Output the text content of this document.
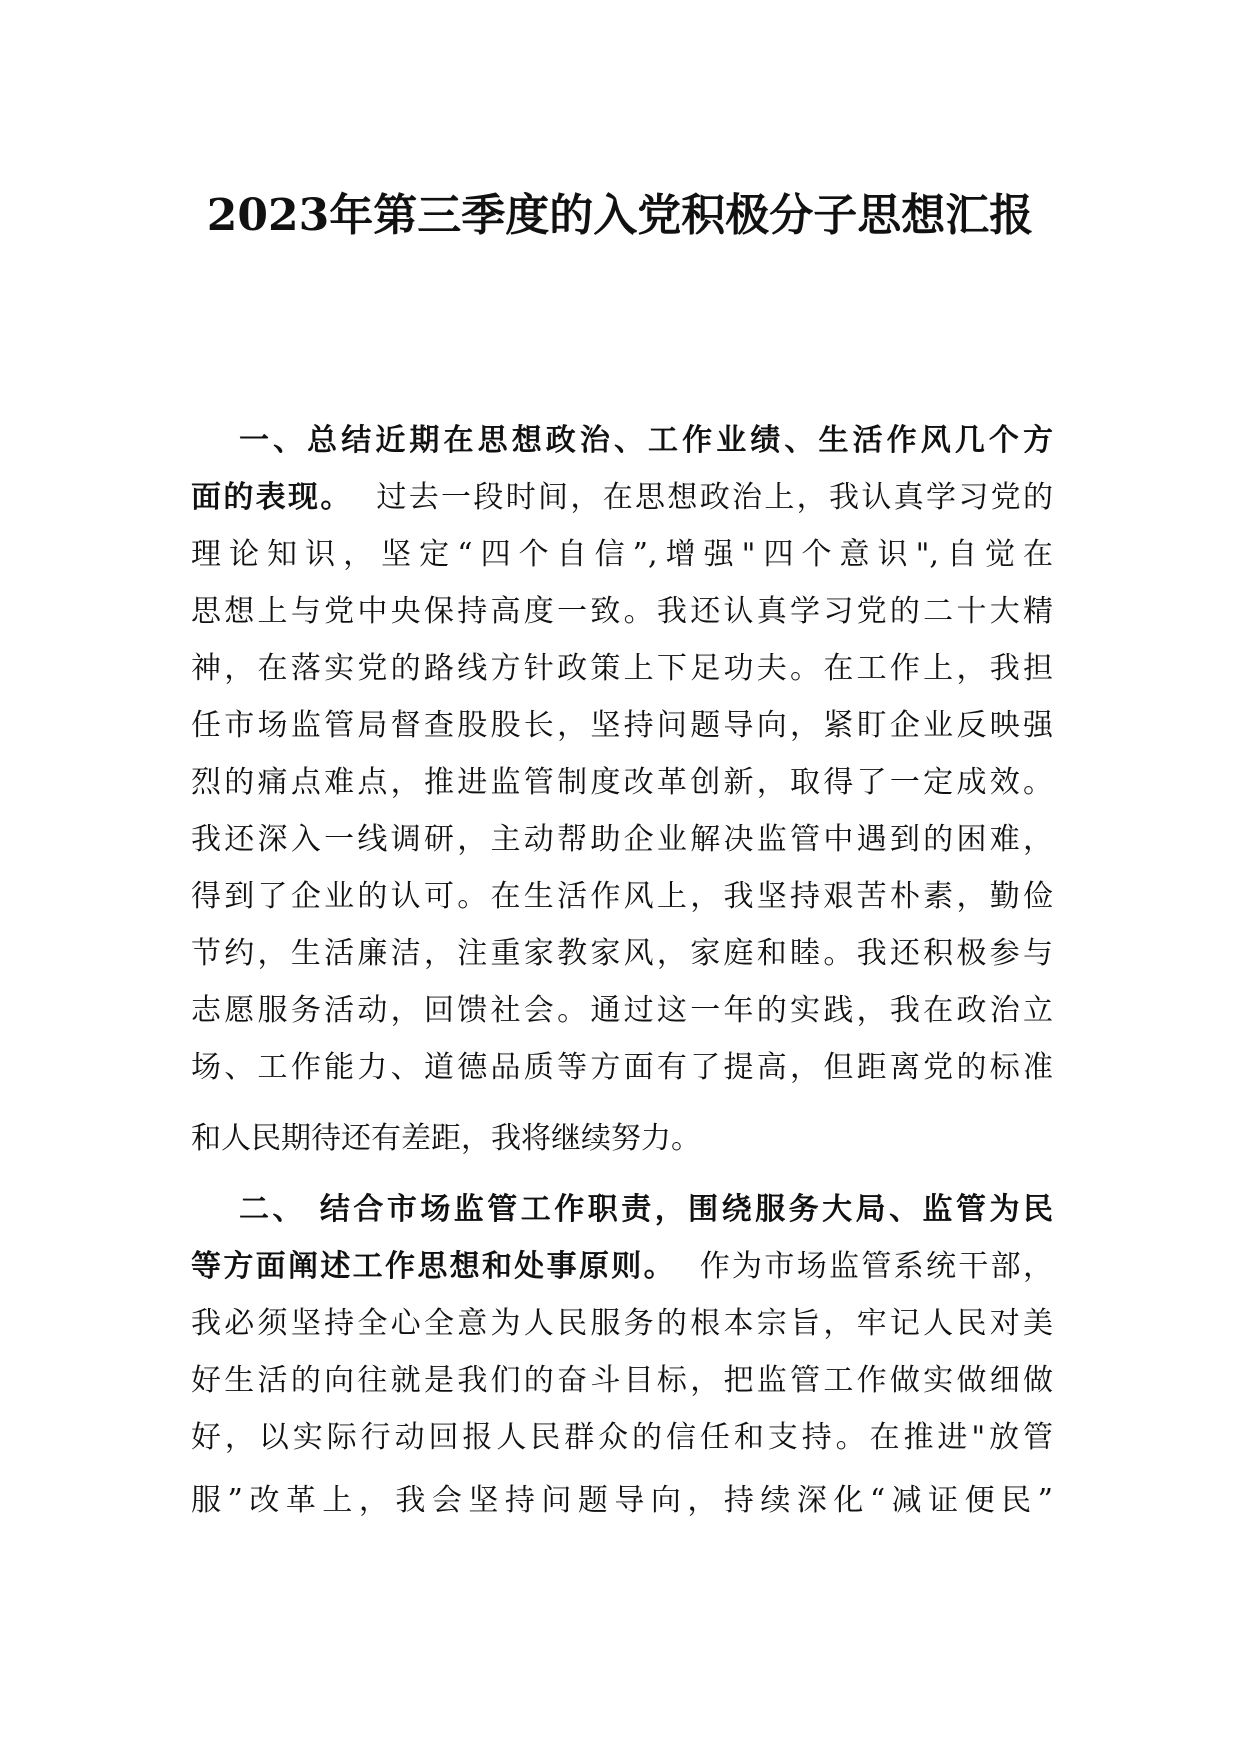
2023年第三季度的入党积极分子思想汇报
一、总结近期在思想政治、工作业绩、生活作风几个方
面的表现。 过去一段时间，在思想政治上，我认真学习党的
理论知识，坚定“四个自信”,增强"四个意识",自觉在
思想上与党中央保持高度一致。我还认真学习党的二十大精
神，在落实党的路线方针政策上下足功夫。在工作上，我担
任市场监管局督查股股长，坚持问题导向，紧盯企业反映强
烈的痛点难点，推进监管制度改革创新，取得了一定成效。
我还深入一线调研，主动帮助企业解决监管中遇到的困难，
得到了企业的认可。在生活作风上，我坚持艰苦朴素，勤俭
节约，生活廉洁，注重家教家风，家庭和睦。我还积极参与
志愿服务活动，回馈社会。通过这一年的实践，我在政治立
场、工作能力、道德品质等方面有了提高，但距离党的标准
和人民期待还有差距，我将继续努力。
二、 结合市场监管工作职责，围绕服务大局、监管为民
等方面阐述工作思想和处事原则。 作为市场监管系统干部，
我必须坚持全心全意为人民服务的根本宗旨，牢记人民对美
好生活的向往就是我们的奋斗目标，把监管工作做实做细做
好，以实际行动回报人民群众的信任和支持。在推进"放管
服”改革上，我会坚持问题导向，持续深化“减证便民”
